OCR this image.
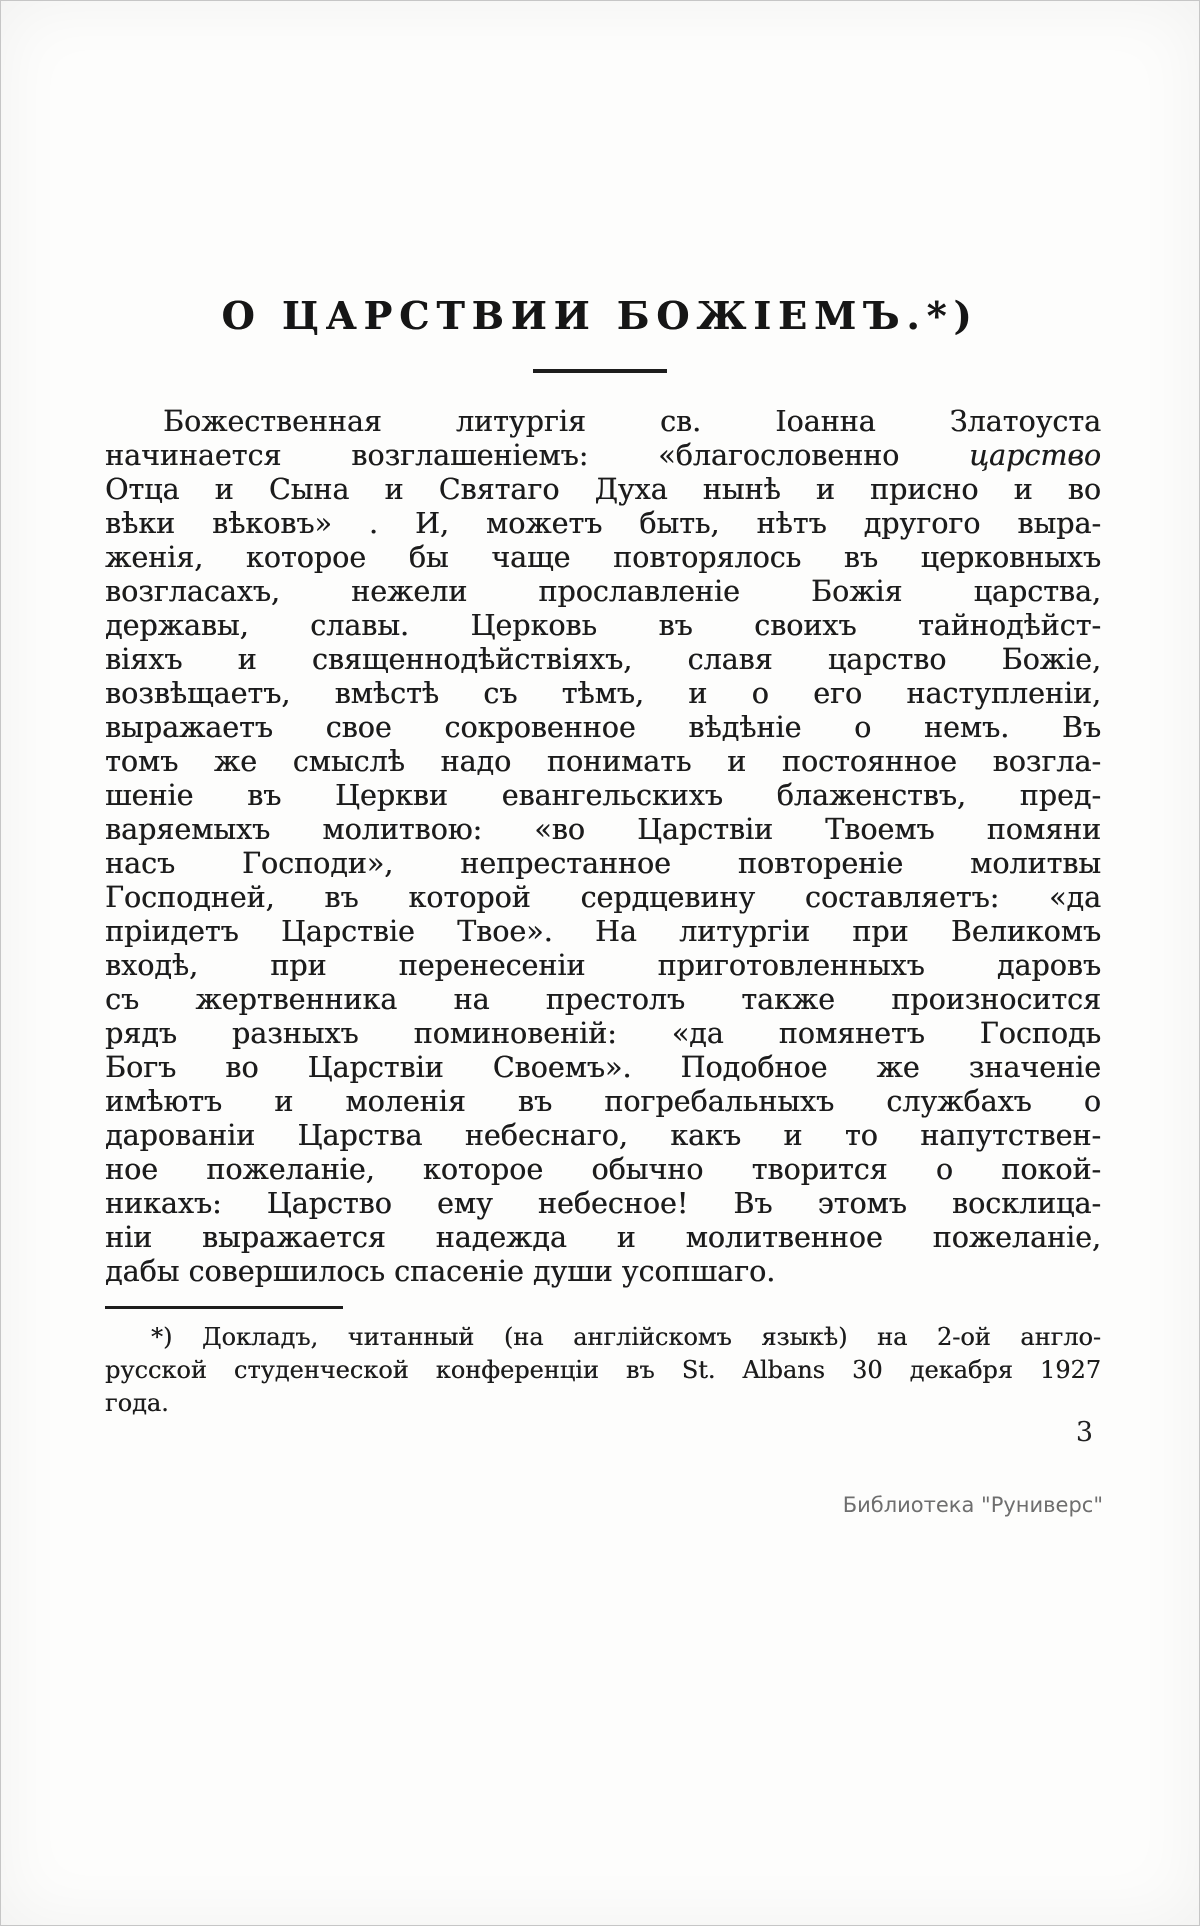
О ЦАРСТВИИ БОЖІЕМЪ.*)
Божественная литургія св. Іоанна Златоуста
начинается возглашеніемъ: «благословенно царство
Отца и Сына и Святаго Духа нынѣ и присно и во
вѣки вѣковъ» . И, можетъ быть, нѣтъ другого выра-
женія, которое бы чаще повторялось въ церковныхъ
возгласахъ, нежели прославленіе Божія царства,
державы, славы. Церковь въ своихъ тайнодѣйст-
віяхъ и священнодѣйствіяхъ, славя царство Божіе,
возвѣщаетъ, вмѣстѣ съ тѣмъ, и о его наступленіи,
выражаетъ свое сокровенное вѣдѣніе о немъ. Въ
томъ же смыслѣ надо понимать и постоянное возгла-
шеніе въ Церкви евангельскихъ блаженствъ, пред-
варяемыхъ молитвою: «во Царствіи Твоемъ помяни
насъ Господи», непрестанное повтореніе молитвы
Господней, въ которой сердцевину составляетъ: «да
пріидетъ Царствіе Твое». На литургіи при Великомъ
входѣ, при перенесеніи приготовленныхъ даровъ
съ жертвенника на престолъ также произносится
рядъ разныхъ поминовеній: «да помянетъ Господь
Богъ во Царствіи Своемъ». Подобное же значеніе
имѣютъ и моленія въ погребальныхъ службахъ о
дарованіи Царства небеснаго, какъ и то напутствен-
ное пожеланіе, которое обычно творится о покой-
никахъ: Царство ему небесное! Въ этомъ восклица-
ніи выражается надежда и молитвенное пожеланіе,
дабы совершилось спасеніе души усопшаго.
*) Докладъ, читанный (на англійскомъ языкѣ) на 2-ой англо-
русской студенческой конференціи въ St. Albans 30 декабря 1927
года.
3
Библиотека "Руниверс"
